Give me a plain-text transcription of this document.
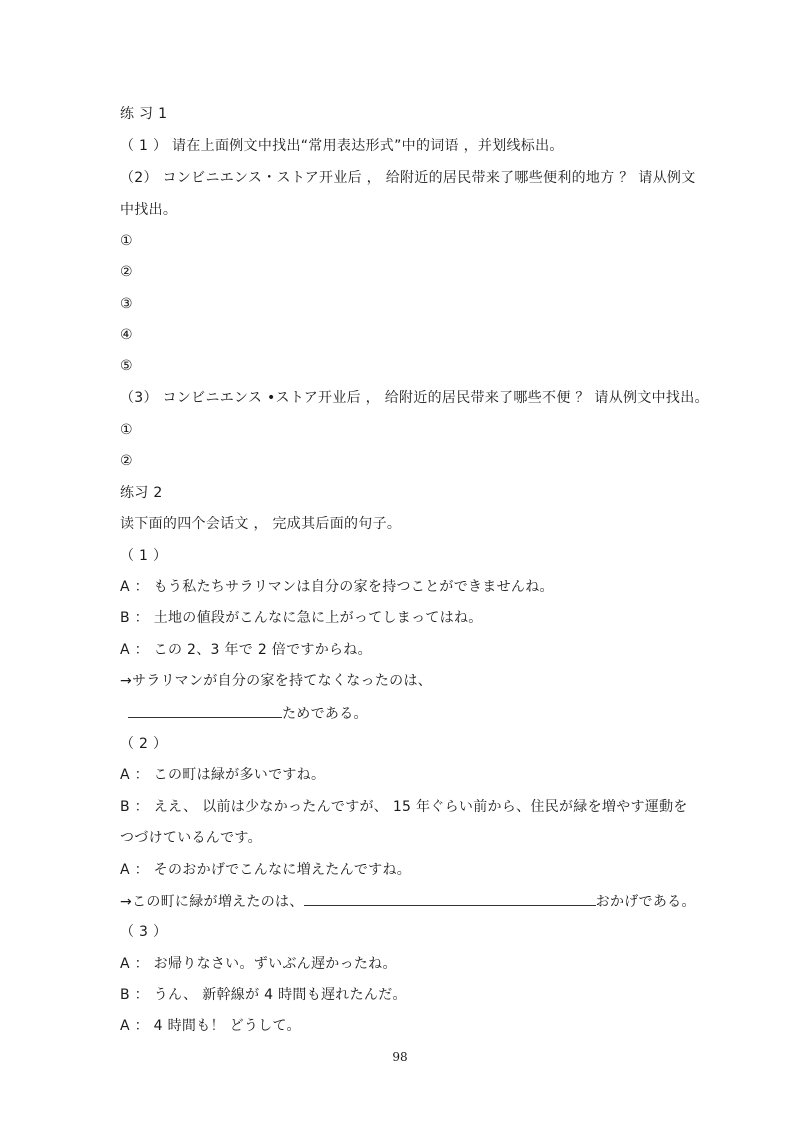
练 习 1
（ 1 ） 请在上面例文中找出“常用表达形式”中的词语 ，并划线标出。
（2） コンビニエンス・ストア开业后 ， 给附近的居民带来了哪些便利的地方 ？ 请从例文
中找出。
①
②
③
④
⑤
（3） コンビニエンス •ストア开业后 ， 给附近的居民带来了哪些不便 ？ 请从例文中找出。
①
②
练习 2
读下面的四个会话文 ， 完成其后面的句子。
（ 1 ）
A ： もう私たちサラリマンは自分の家を持つことができませんね。
B ： 土地の値段がこんなに急に上がってしまってはね。
A ： この 2、3 年で 2 倍ですからね。
→サラリマンが自分の家を持てなくなったのは、
ためである。
（ 2 ）
A ： この町は緑が多いですね。
B ： ええ、 以前は少なかったんですが、 15 年ぐらい前から、住民が緑を増やす運動を
つづけているんです。
A ： そのおかげでこんなに増えたんですね。
→この町に緑が増えたのは、	おかげである。
（ 3 ）
A ： お帰りなさい。ずいぶん遅かったね。
B ： うん、 新幹線が 4 時間も遅れたんだ。
A ： 4 時間も！ どうして。
98
